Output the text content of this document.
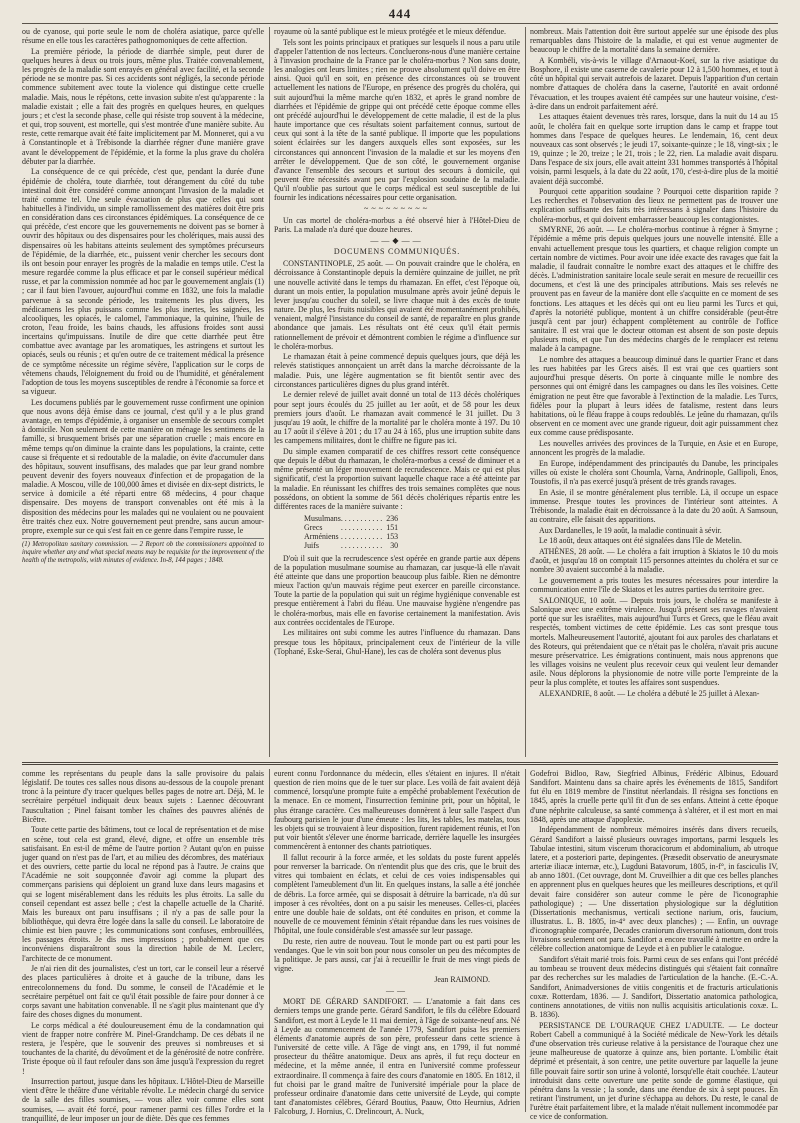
444

ou de cyanose, qui porte seule le nom de choléra asiatique, parce qu'elle résume en elle tous les caractères pathognomoniques de cette affection.

La première période, la période de diarrhée simple, peut durer de quelques heures à deux ou trois jours, même plus. Traitée convenablement, les progrès de la maladie sont enrayés en général avec facilité, et la seconde période ne se montre pas. Si ces accidents sont négligés, la seconde période commence subitement avec toute la violence qui distingue cette cruelle maladie. Mais, nous le répétons, cette invasion subite n'est qu'apparente : la maladie existait ; elle a fait des progrès en quelques heures, en quelques jours ; et c'est la seconde phase, celle qui résiste trop souvent à la médecine, et qui, trop souvent, est mortelle, qui s'est montrée d'une manière subite. Au reste, cette remarque avait été faite implicitement par M. Monneret, qui a vu à Constantinople et à Trébisonde la diarrhée régner d'une manière grave avant le développement de l'épidémie, et la forme la plus grave du choléra débuter par la diarrhée.

La conséquence de ce qui précède, c'est que, pendant la durée d'une épidémie de choléra, toute diarrhée, tout dérangement du côté du tube intestinal doit être considéré comme annonçant l'invasion de la maladie et traité comme tel. Une seule évacuation de plus que celles qui sont habituelles à l'individu, un simple ramollissement des matières doit être pris en considération dans ces circonstances épidémiques. La conséquence de ce qui précède, c'est encore que les gouvernements ne doivent pas se borner à ouvrir des hôpitaux ou des dispensaires pour les cholériques, mais aussi des dispensaires où les habitans atteints seulement des symptômes précurseurs de l'épidémie, de la diarrhée, etc., puissent venir chercher les secours dont ils ont besoin pour enrayer les progrès de la maladie en temps utile. C'est la mesure regardée comme la plus efficace et par le conseil supérieur médical russe, et par la commission nommée ad hoc par le gouvernement anglais (1) ; car il faut bien l'avouer, aujourd'hui comme en 1832, une fois la maladie parvenue à sa seconde période, les traitements les plus divers, les médicamens les plus puissans comme les plus inertes, les saignées, les alcooliques, les opiacés, le calomel, l'ammoniaque, la quinine, l'huile de croton, l'eau froide, les bains chauds, les affusions froides sont aussi incertains qu'impuissans. Inutile de dire que cette diarrhée peut être combattue avec avantage par les aromatiques, les astringens et surtout les opiacés, seuls ou réunis ; et qu'en outre de ce traitement médical la présence de ce symptôme nécessite un régime sévère, l'application sur le corps de vêtemens chauds, l'éloignement du froid ou de l'humidité, et généralement l'adoption de tous les moyens susceptibles de rendre à l'économie sa force et sa vigueur.

Les documens publiés par le gouvernement russe confirment une opinion que nous avons déjà émise dans ce journal, c'est qu'il y a le plus grand avantage, en temps d'épidémie, à organiser un ensemble de secours complet à domicile. Non seulement de cette manière on ménage les sentimens de la famille, si brusquement brisés par une séparation cruelle ; mais encore en même temps qu'on diminue la crainte dans les populations, la crainte, cette cause si fréquente et si redoutable de la maladie, on évite d'accumuler dans des hôpitaux, souvent insuffisans, des malades que par leur grand nombre peuvent devenir des foyers nouveaux d'infection et de propagation de la maladie. A Moscou, ville de 100,000 âmes et divisée en dix-sept districts, le service à domicile a été réparti entre 68 médecins, 4 pour chaque dispensaire. Des moyens de transport convenables ont été mis à la disposition des médecins pour les malades qui ne voulaient ou ne pouvaient être traités chez eux. Notre gouvernement peut prendre, sans aucun amour-propre, exemple sur ce qui s'est fait en ce genre dans l'empire russe, le

(1) Metropolitan sanitary commission. — 2 Report ob the commissioners appointed to inquire whether any and what special means may be requisite for the improvement of the health of the metropolis, with minutes of evidence. In-8, 144 pages ; 1848.

royaume où la santé publique est le mieux protégée et le mieux défendue.

Tels sont les points principaux et pratiques sur lesquels il nous a paru utile d'appeler l'attention de nos lecteurs. Concluerons-nous d'une manière certaine à l'invasion prochaine de la France par le choléra-morbus ? Non sans doute, les analogies ont leurs limites ; rien ne prouve absolument qu'il doive en être ainsi. Quoi qu'il en soit, en présence des circonstances où se trouvent actuellement les nations de l'Europe, en présence des progrès du choléra, qui suit aujourd'hui la même marche qu'en 1832, et après le grand nombre de diarrhées et l'épidémie de grippe qui ont précédé cette époque comme elles ont précédé aujourd'hui le développement de cette maladie, il est de la plus haute importance que ces résultats soient parfaitement connus, surtout de ceux qui sont à la tête de la santé publique. Il importe que les populations soient éclairées sur les dangers auxquels elles sont exposées, sur les circonstances qui annoncent l'invasion de la maladie et sur les moyens d'en arrêter le développement. Que de son côté, le gouvernement organise d'avance l'ensemble des secours et surtout des secours à domicile, qui peuvent être nécessités avant peu par l'explosion soudaine de la maladie. Qu'il n'oublie pas surtout que le corps médical est seul susceptible de lui fournir les indications nécessaires pour cette organisation.

~~~~~~~~~

Un cas mortel de choléra-morbus a été observé hier à l'Hôtel-Dieu de Paris. La malade n'a duré que douze heures.

——◆——
DOCUMENS COMMUNIQUÉS.

CONSTANTINOPLE, 25 août. — On pouvait craindre que le choléra, en décroissance à Constantinople depuis la dernière quinzaine de juillet, ne prît une nouvelle activité dans le temps du rhamazan. En effet, c'est l'époque où, durant un mois entier, la population musulmane après avoir jeûné depuis le lever jusqu'au coucher du soleil, se livre chaque nuit à des excès de toute nature. De plus, les fruits nuisibles qui avaient été momentanément prohibés, venaient, malgré l'insistance du conseil de santé, de reparaître en plus grande abondance que jamais. Les résultats ont été ceux qu'il était permis rationnellement de prévoir et démontrent combien le régime a d'influence sur le choléra-morbus.

Le rhamazan était à peine commencé depuis quelques jours, que déjà les relevés statistiques annonçaient un arrêt dans la marche décroissante de la maladie. Puis, une légère augmentation se fit bientôt sentir avec des circonstances particulières dignes du plus grand intérêt.

Le dernier relevé de juillet avait donné un total de 113 décès cholériques pour sept jours écoulés du 25 juillet au 1er août, et de 58 pour les deux premiers jours d'août. Le rhamazan avait commencé le 31 juillet. Du 3 jusqu'au 19 août, le chiffre de la mortalité par le choléra monte à 197. Du 10 au 17 août il s'élève à 201 ; du 17 au 24 à 165, plus une irruption subite dans les campemens militaires, dont le chiffre ne figure pas ici.

Du simple examen comparatif de ces chiffres ressort cette conséquence que depuis le début du rhamazan, le choléra-morbus a cessé de diminuer et a même présenté un léger mouvement de recrudescence. Mais ce qui est plus significatif, c'est la proportion suivant laquelle chaque race a été atteinte par la maladie. En réunissant les chiffres des trois semaines complètes que nous possédons, on obtient la somme de 561 décès cholériques répartis entre les différentes races de la manière suivante :

Musulmans	. . . . . . . . . . .	236
Grecs	. . . . . . . . . . .	151
Arméniens	. . . . . . . . . . .	153
Juifs	. . . . . . . . . . .	30

D'où il suit que la recrudescence s'est opérée en grande partie aux dépens de la population musulmane soumise au rhamazan, car jusque-là elle n'avait été atteinte que dans une proportion beaucoup plus faible. Rien ne démontre mieux l'action qu'un mauvais régime peut exercer en pareille circonstance. Toute la partie de la population qui suit un régime hygiénique convenable est presque entièrement à l'abri du fléau. Une mauvaise hygiène n'engendre pas le choléra-morbus, mais elle en favorise certainement la manifestation. Avis aux contrées occidentales de l'Europe.

Les militaires ont subi comme les autres l'influence du rhamazan. Dans presque tous les hôpitaux, principalement ceux de l'intérieur de la ville (Tophané, Eske-Serai, Ghul-Hane), les cas de choléra sont devenus plus

nombreux. Mais l'attention doit être surtout appelée sur une épisode des plus remarquables dans l'histoire de la maladie, et qui est venue augmenter de beaucoup le chiffre de la mortalité dans la semaine dernière.

A Kombéli, vis-à-vis le village d'Arnaout-Koeï, sur la rive asiatique du Bosphore, il existe une caserne de cavalerie pour 12 à 1,500 hommes, et tout à côté un hôpital qui servait autrefois de lazaret. Depuis l'apparition d'un certain nombre d'attaques de choléra dans la caserne, l'autorité en avait ordonné l'évacuation, et les troupes avaient été campées sur une hauteur voisine, c'est-à-dire dans un endroit parfaitement aéré.

Les attaques étaient devenues très rares, lorsque, dans la nuit du 14 au 15 août, le choléra fait en quelque sorte irruption dans le camp et frappe tout hommes dans l'espace de quelques heures. Le lendemain, 16, cent deux nouveaux cas sont observés ; le jeudi 17, soixante-quinze ; le 18, vingt-six ; le 19, quinze ; le 20, treize ; le 21, trois ; le 22, rien. La maladie avait disparu. Dans l'espace de six jours, elle avait atteint 331 hommes transportés à l'hôpital voisin, parmi lesquels, à la date du 22 août, 170, c'est-à-dire plus de la moitié avaient déjà succombé.

Pourquoi cette apparition soudaine ? Pourquoi cette disparition rapide ? Les recherches et l'observation des lieux ne permettent pas de trouver une explication suffisante des faits très intéressans à signaler dans l'histoire du choléra-morbus, et qui doivent embarrasser beaucoup les contagionistes.

SMYRNE, 26 août. — Le choléra-morbus continue à régner à Smyrne ; l'épidémie a même pris depuis quelques jours une nouvelle intensité. Elle a envahi actuellement presque tous les quartiers, et chaque religion compte un certain nombre de victimes. Pour avoir une idée exacte des ravages que fait la maladie, il faudrait connaître le nombre exact des attaques et le chiffre des décès. L'administration sanitaire locale seule serait en mesure de recueillir ces documens, et c'est là une des principales attributions. Mais ses relevés ne prouvent pas en faveur de la manière dont elle s'acquitte en ce moment de ses fonctions. Les attaques et les décès qui ont eu lieu parmi les Turcs et qui, d'après la notoriété publique, montent à un chiffre considérable (peut-être jusqu'à cent par jour) échappent complètement au contrôle de l'office sanitaire. Il est vrai que le docteur ottoman est absent de son poste depuis plusieurs mois, et que l'un des médecins chargés de le remplacer est retenu malade à la campagne.

Le nombre des attaques a beaucoup diminué dans le quartier Franc et dans les rues habitées par les Grecs aisés. Il est vrai que ces quartiers sont aujourd'hui presque déserts. On porte à cinquante mille le nombre des personnes qui ont émigré dans les campagnes ou dans les îles voisines. Cette émigration ne peut être que favorable à l'extinction de la maladie. Les Turcs, fidèles pour la plupart à leurs idées de fatalisme, restent dans leurs habitations, où le fléau frappe à coups redoublés. Le jeûne du rhamazan, qu'ils observent en ce moment avec une grande rigueur, doit agir puissamment chez eux comme cause prédisposante.

Les nouvelles arrivées des provinces de la Turquie, en Asie et en Europe, annoncent les progrès de la maladie.

En Europe, indépendamment des principautés du Danube, les principales villes où existe le choléra sont Choumla, Varna, Andrinople, Gallipoli, Enos, Toustofis, il n'a pas exercé jusqu'à présent de très grands ravages.

En Asie, il se montre généralement plus terrible. Là, il occupe un espace immense. Presque toutes les provinces de l'intérieur sont atteintes. A Trébisonde, la maladie était en décroissance à la date du 20 août. A Samsoun, au contraire, elle faisait des apparitions.

Aux Dardanelles, le 19 août, la maladie continuait à sévir.

Le 18 août, deux attaques ont été signalées dans l'île de Metelin.

ATHÈNES, 28 août. — Le choléra a fait irruption à Skiatos le 10 du mois d'août, et jusqu'au 18 on comptait 115 personnes atteintes du choléra et sur ce nombre 30 avaient succombé à la maladie.

Le gouvernement a pris toutes les mesures nécessaires pour interdire la communication entre l'île de Skiatos et les autres parties du territoire grec.

SALONIQUE, 10 août. — Depuis trois jours, le choléra se manifeste à Salonique avec une extrême virulence. Jusqu'à présent ses ravages n'avaient porté que sur les israélites, mais aujourd'hui Turcs et Grecs, que le fléau avait respectés, tombent victimes de cette épidémie. Les cas sont presque tous mortels. Malheureusement l'autorité, ajoutant foi aux paroles des charlatans et des Roteurs, qui prétendaient que ce n'était pas le choléra, n'avait pris aucune mesure préservatrice. Les émigrations continuent, mais nous apprenons que les villages voisins ne veulent plus recevoir ceux qui veulent leur demander asile. Nous déplorons la physionomie de notre ville porte l'empreinte de la peur la plus complète, et toutes les affaires sont suspendues.

ALEXANDRIE, 8 août. — Le choléra a débuté le 25 juillet à Alexan-

comme les représentans du peuple dans la salle provisoire du palais législatif. De toutes ces salles nous disons au-dessous de la coupole prenant tronc à la peinture d'y tracer quelques belles pages de notre art. Déjà, M. le secrétaire perpétuel indiquait deux beaux sujets : Laennec découvrant l'auscultation ; Pinel faisant tomber les chaînes des pauvres aliénés de Bicêtre.

Toute cette partie des bâtimens, tout ce local de représentation et de mise en scène, tout cela est grand, élevé, digne, et offre un ensemble très satisfaisant. En est-il de même de l'autre portion ? Autant qu'on en puisse juger quand on n'est pas de l'art, et au milieu des décombres, des matériaux et des ouvriers, cette partie du local ne répond pas à l'autre. Je crains que l'Académie ne soit soupçonnée d'avoir agi comme la plupart des commerçans parisiens qui déploient un grand luxe dans leurs magasins et qui se logent misérablement dans les réduits les plus étroits. La salle du conseil cependant est assez belle ; c'est la chapelle actuelle de la Charité. Mais les bureaux ont paru insuffisans ; il n'y a pas de salle pour la bibliothèque, qui devra être logée dans la salle du conseil. Le laboratoire de chimie est bien pauvre ; les communications sont confuses, embrouillées, les passages étroits. Je dis mes impressions ; probablement que ces inconvéniens disparaîtront sous la direction habile de M. Leclerc, l'architecte de ce monument.

Je n'ai rien dit des journalistes, c'est un tort, car le conseil leur a réservé des places particulières à droite et à gauche de la tribune, dans les entrecolonnemens du fond. Du somme, le conseil de l'Académie et le secrétaire perpétuel ont fait ce qu'il était possible de faire pour donner à ce corps savant une habitation convenable. Il ne s'agit plus maintenant que d'y faire des choses dignes du monument.

Le corps médical a été douloureusement ému de la condamnation qui vient de frapper notre confrère M. Pinel-Grandchamp. De ces débats il ne restera, je l'espère, que le souvenir des preuves si nombreuses et si touchantes de la charité, du dévoûment et de la générosité de notre confrère. Triste époque où il faut refouler dans son âme jusqu'à l'expression du regret !

Insurrection partout, jusque dans les hôpitaux. L'Hôtel-Dieu de Marseille vient d'être le théâtre d'une véritable révolte. Le médecin chargé du service de la salle des filles soumises, — vous allez voir comme elles sont soumises, — avait été forcé, pour ramener parmi ces filles l'ordre et la tranquillité, de leur imposer un jour de diète. Dès que ces femmes

eurent connu l'ordonnance du médecin, elles s'étaient en injures. Il n'était question de rien moins que de le tuer sur place. Les voilà de fait avaient déjà commencé, lorsqu'une prompte fuite a empêché probablement l'exécution de la menace. En ce moment, l'insurrection feminine prit, pour un hôpital, le plus étrange caractère. Ces malheureuses donnèrent à leur salle l'aspect d'un faubourg parisien le jour d'une émeute : les lits, les tables, les matelas, tous les objets qui se trouvaient à leur disposition, furent rapidement réunis, et l'on put voir bientôt s'élever une énorme barricade, derrière laquelle les insurgées commencèrent à entonner des chants patriotiques.

Il fallut recourir à la force armée, et les soldats du poste furent appelés pour renverser la barricade. On n'entendit plus que des cris, que le bruit des vitres qui tombaient en éclats, et celui de ces voies indispensables qui complètent l'ameublement d'un lit. En quelques instans, la salle a été jonchée de débris. La force armée, qui se disposait à détruire la barricade, n'a dû sur imposer à ces révoltées, dont on a pu saisir les meneuses. Celles-ci, placées entre une double haie de soldats, ont été conduites en prison, et comme la nouvelle de ce mouvement féminin s'était répandue dans les rues voisines de l'hôpital, une foule considérable s'est amassée sur leur passage.

Du reste, rien autre de nouveau. Tout le monde part ou est parti pour les vendanges. Que le vin soit bon pour nous consoler un peu des mécomptes de la politique. Je pars aussi, car j'ai à recueillir le fruit de mes vingt pieds de vigne.

Jean RAIMOND.

——

MORT DE GÉRARD SANDIFORT. — L'anatomie a fait dans ces derniers temps une grande perte. Gérard Sandifort, le fils du célèbre Edouard Sandifort, est mort à Leyde le 11 mai dernier, à l'âge de soixante-neuf ans. Né à Leyde au commencement de l'année 1779, Sandifort puisa les premiers éléments d'anatomie auprès de son père, professeur dans cette science à l'université de cette ville. A l'âge de vingt ans, en 1799, il fut nommé prosecteur du théâtre anatomique. Deux ans après, il fut reçu docteur en médecine, et la même année, il entra en l'université comme professeur extraordinaire. Il commença à faire des cours d'anatomie en 1805. En 1812, il fut choisi par le grand maître de l'université impériale pour la place de professeur ordinaire d'anatomie dans cette université de Leyde, qui compte tant d'anatomistes célèbres, Gérard Boutius, Paauw, Otto Heurnius, Adrien Falcoburg, J. Hornius, C. Drelincourt, A. Nuck,

Godefroi Bidloo, Raw, Siegfried Albinus, Frédéric Albinus, Edouard Sandifort. Maintenu dans sa chaire après les événements de 1815, Sandifort fut élu en 1819 membre de l'institut néerlandais. Il résigna ses fonctions en 1845, après la cruelle perte qu'il fit d'un de ses enfans. Atteint à cette époque d'une néphrite calculeuse, sa santé commença à s'altérer, et il est mort en mai 1848, après une attaque d'apoplexie.

Indépendamment de nombreux mémoires insérés dans divers recueils, Gérard Sandifort a laissé plusieurs ouvrages importans, parmi lesquels les Tabulae intestini, situm viscerum thoracicorum et abdominalium, ab utroque latere, et a posteriori parte, depingentes. (Præsedit observatio de aneurysmate arteriæ iliacæ internæ, etc.), Lugduni Batavorum, 1805, in-f°, in fasciculis IV, ab anno 1801. (Cet ouvrage, dont M. Cruveilhier a dit que ces belles planches en apprennent plus en quelques heures que les meilleures descriptions, et qu'il devait faire considérer son auteur comme le père de l'iconographie pathologique) ; — Une dissertation physiologique sur la déglutition (Dissertationis mechanismus, verticali sectione narium, oris, faucium, illustratus. L. B. 1805, in-4° avec deux planches) ; — Enfin, un ouvrage d'iconographie comparée, Decades craniorum diversorum nationum, dont trois livraisons seulement ont paru. Sandifort a encore travaillé à mettre en ordre la célèbre collection anatomique de Leyde et à en publier le catalogue.

Sandifort s'était marié trois fois. Parmi ceux de ses enfans qui l'ont précédé au tombeau se trouvent deux médecins distingués qui s'étaient fait connaître par des recherches sur les maladies de l'articulation de la hanche. (E.-C.-A. Sandifort, Animadversiones de vitiis congenitis et de fracturis articulationis coxæ. Rotterdam, 1836. — J. Sandifort, Dissertatio anatomica pathologica, continens annotationes, de vitiis non nullis acquisitis articulationis coxæ. L. B. 1836).

PERSISTANCE DE L'OURAQUE CHEZ L'ADULTE. — Le docteur Robert Cabell a communiqué à la Société médicale de New-York les détails d'une observation très curieuse relative à la persistance de l'ouraque chez une jeune malheureuse de quatorze à quinze ans, bien portante. L'ombilic était déprimé et présentait, à son centre, une petite ouverture par laquelle la jeune fille pouvait faire sortir son urine à volonté, lorsqu'elle était couchée. L'auteur introduisit dans cette ouverture une petite sonde de gomme élastique, qui pénétra dans la vessie ; la sonde, dans une étendue de six à sept pouces. En retirant l'instrument, un jet d'urine s'échappa au dehors. Du reste, le canal de l'urètre était parfaitement libre, et la malade n'était nullement incommodée par ce vice de conformation.
